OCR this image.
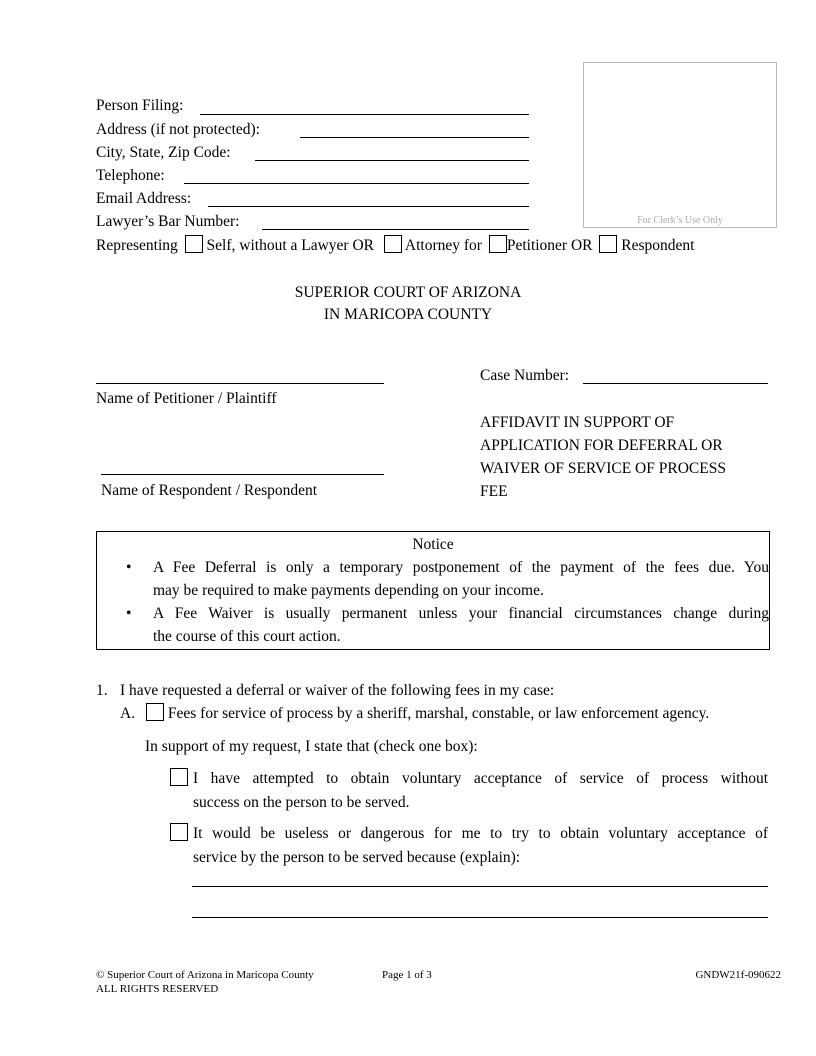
For Clerk’s Use Only
Person Filing:
Address (if not protected):
City, State, Zip Code:
Telephone:
Email Address:
Lawyer’s Bar Number:
Representing Self, without a Lawyer OR Attorney for Petitioner OR Respondent
SUPERIOR COURT OF ARIZONA
IN MARICOPA COUNTY
Name of Petitioner / Plaintiff
Name of Respondent / Respondent
Case Number:
AFFIDAVIT IN SUPPORT OF
APPLICATION FOR DEFERRAL OR
WAIVER OF SERVICE OF PROCESS
FEE
Notice
• A Fee Deferral is only a temporary postponement of the payment of the fees due. You
may be required to make payments depending on your income.
• A Fee Waiver is usually permanent unless your financial circumstances change during
the course of this court action.
1. I have requested a deferral or waiver of the following fees in my case:
A.	Fees for service of process by a sheriff, marshal, constable, or law enforcement agency.
In support of my request, I state that (check one box):
I have attempted to obtain voluntary acceptance of service of process without
success on the person to be served.
It would be useless or dangerous for me to try to obtain voluntary acceptance of
service by the person to be served because (explain):
© Superior Court of Arizona in Maricopa County
ALL RIGHTS RESERVED
Page 1 of 3	GNDW21f-090622
